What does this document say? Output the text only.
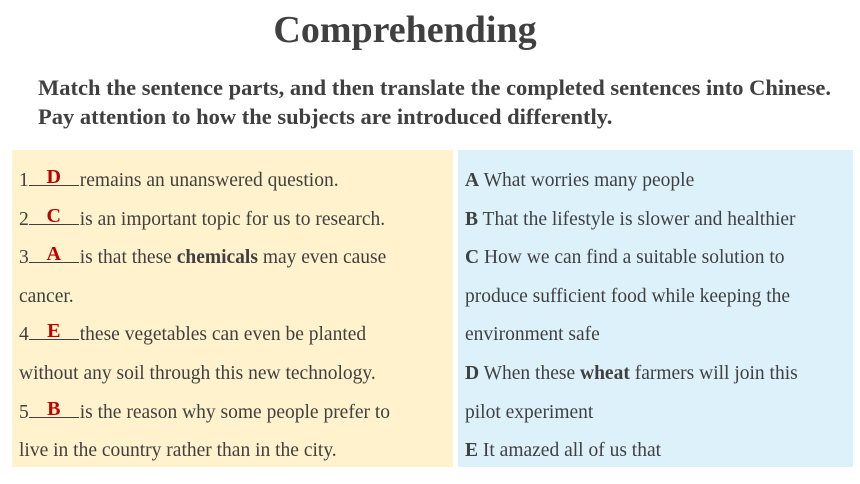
Comprehending

Match the sentence parts, and then translate the completed sentences into Chinese. Pay attention to how the subjects are introduced differently.

1 D remains an unanswered question.
2 C is an important topic for us to research.
3 A is that these chemicals may even cause
cancer.
4 E these vegetables can even be planted
without any soil through this new technology.
5 B is the reason why some people prefer to
live in the country rather than in the city.
A What worries many people
B That the lifestyle is slower and healthier
C How we can find a suitable solution to
produce sufficient food while keeping the
environment safe
D When these wheat farmers will join this
pilot experiment
E It amazed all of us that
